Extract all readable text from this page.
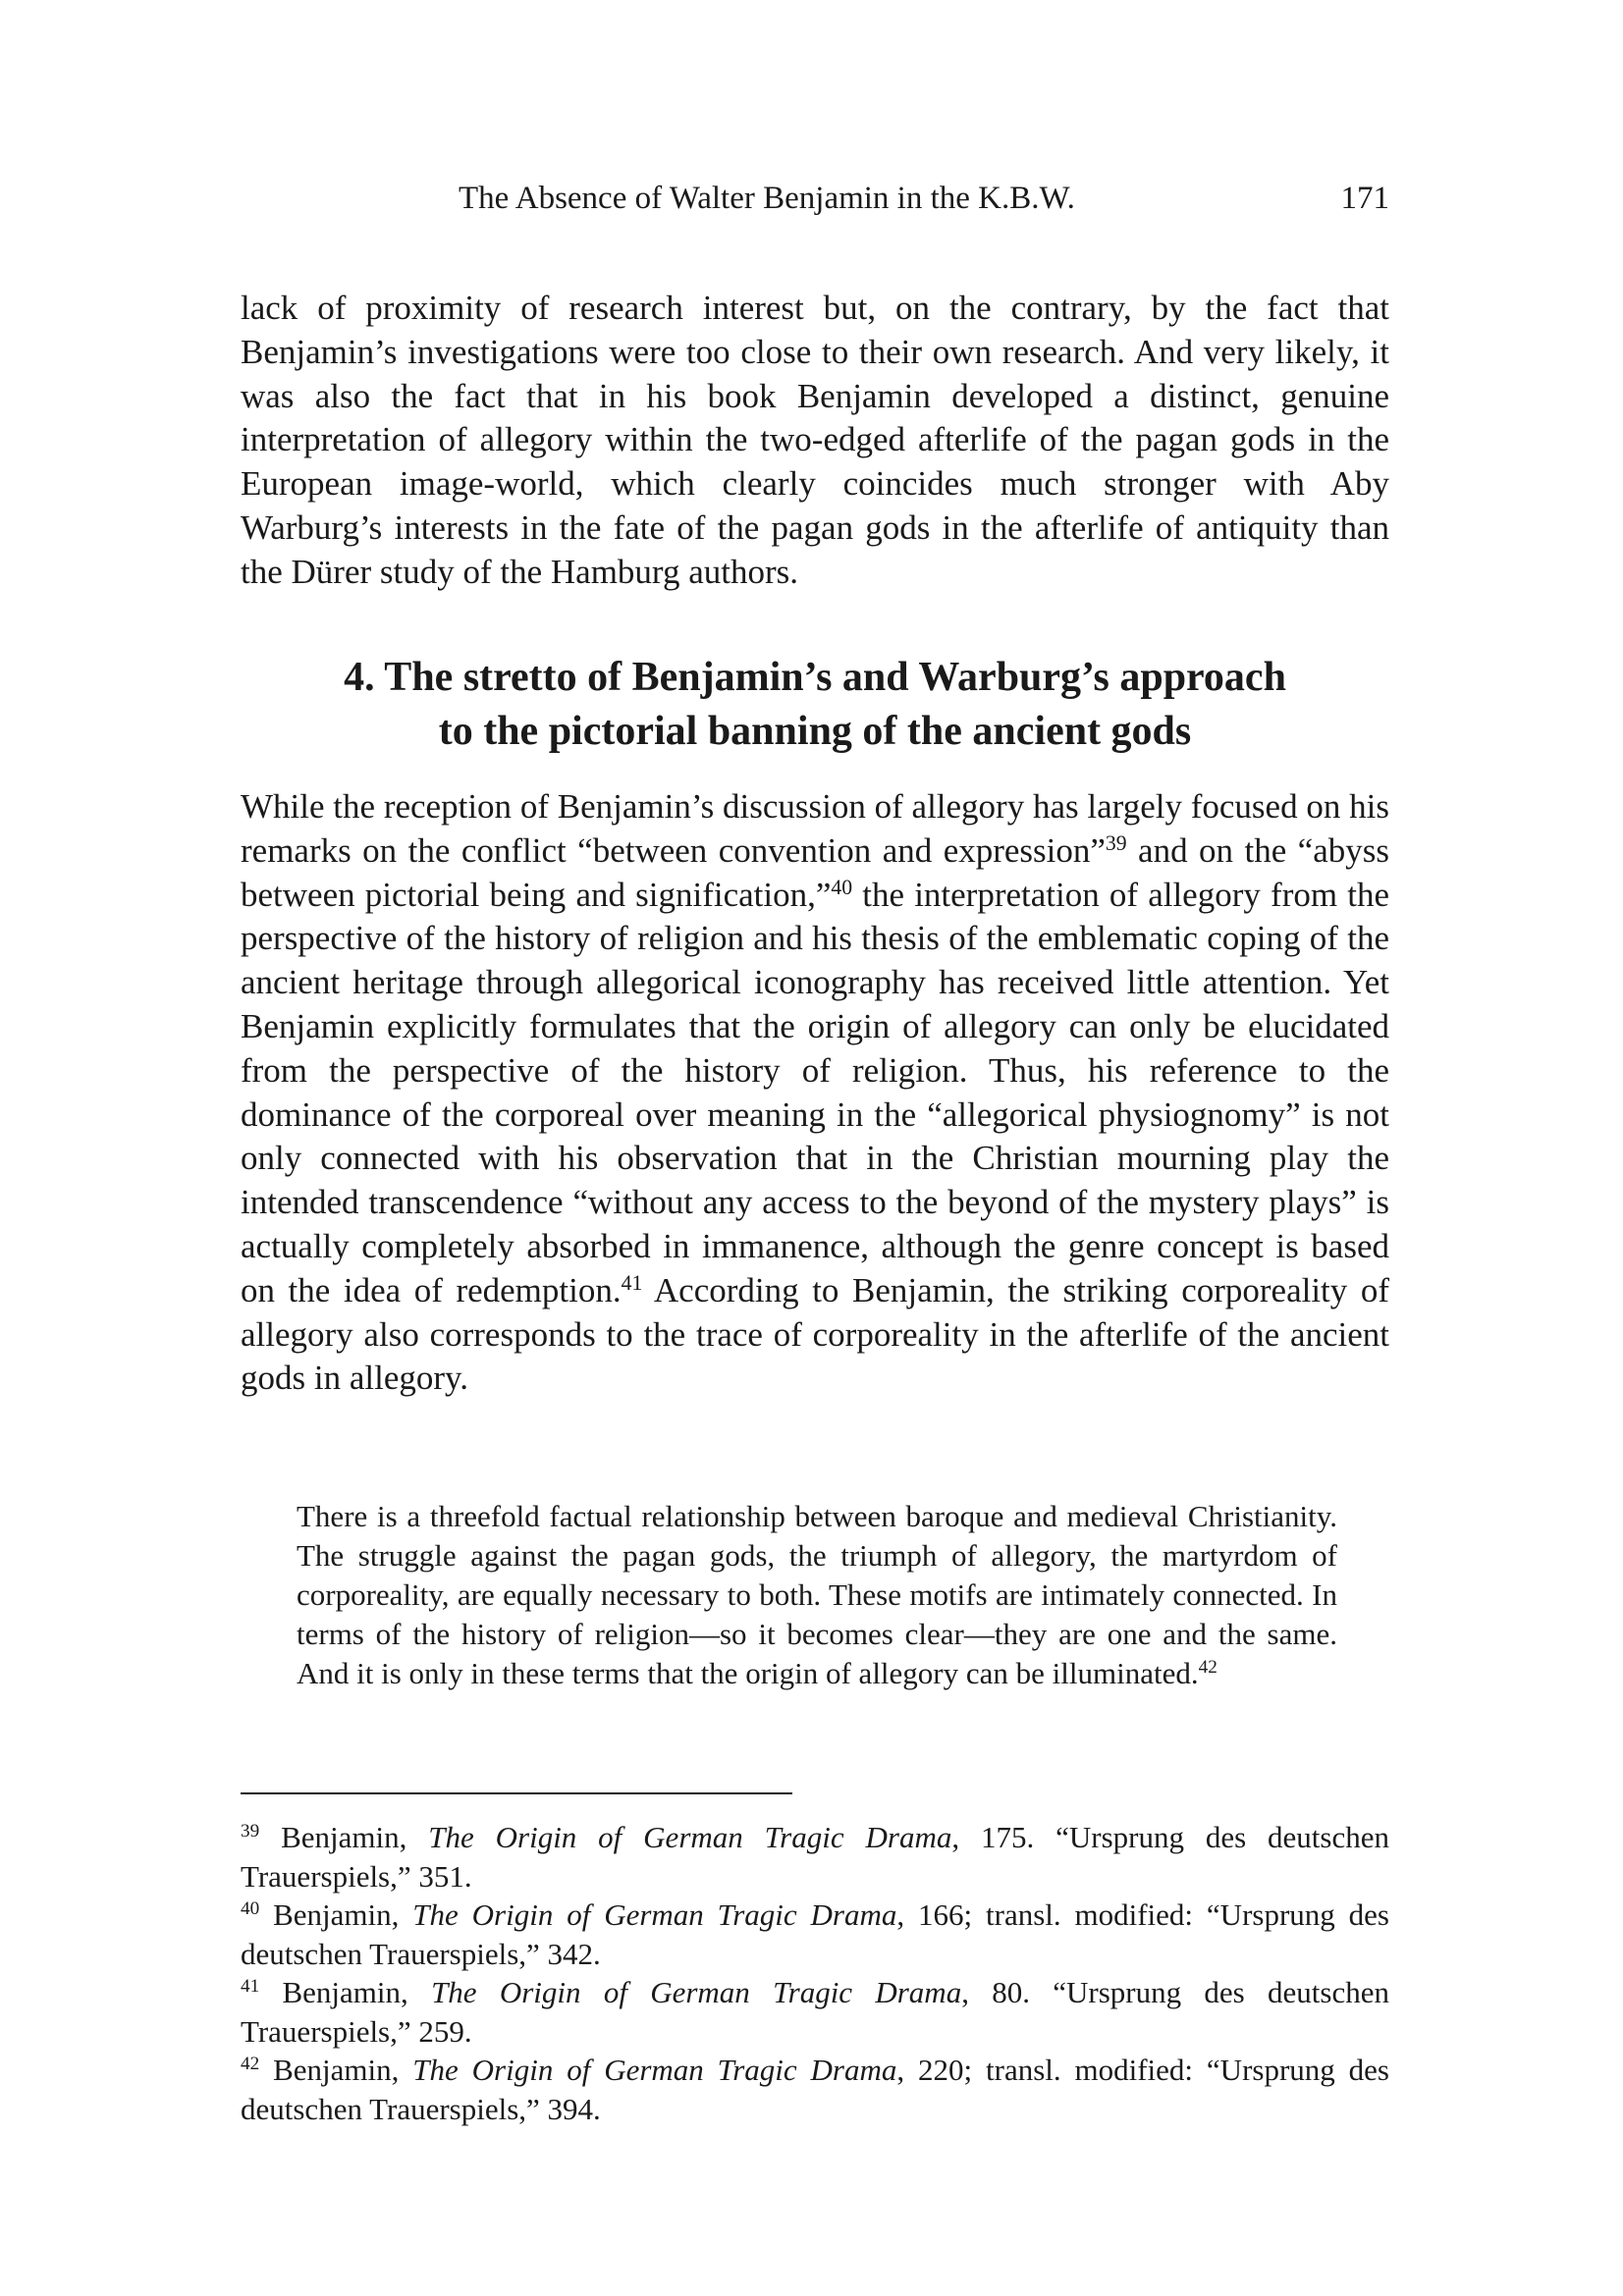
The Absence of Walter Benjamin in the K.B.W.	171

lack of proximity of research interest but, on the contrary, by the fact that Benjamin’s investigations were too close to their own research. And very likely, it was also the fact that in his book Benjamin developed a distinct, genuine interpretation of allegory within the two-edged afterlife of the pagan gods in the European image-world, which clearly coincides much stronger with Aby Warburg’s interests in the fate of the pagan gods in the afterlife of antiquity than the Dürer study of the Hamburg authors.

4. The stretto of Benjamin’s and Warburg’s approach
to the pictorial banning of the ancient gods

While the reception of Benjamin’s discussion of allegory has largely focused on his remarks on the conflict “between convention and expression”$^{39}$ and on the “abyss between pictorial being and signification,”$^{40}$ the interpretation of allegory from the perspective of the history of religion and his thesis of the emblematic coping of the ancient heritage through allegorical iconography has received little attention. Yet Benjamin explicitly formulates that the origin of allegory can only be elucidated from the perspective of the history of religion. Thus, his reference to the dominance of the corporeal over meaning in the “allegorical physiognomy” is not only connected with his observation that in the Christian mourning play the intended transcendence “without any access to the beyond of the mystery plays” is actually completely absorbed in immanence, although the genre concept is based on the idea of redemption.$^{41}$ According to Benjamin, the striking corporeality of allegory also corresponds to the trace of corporeality in the afterlife of the ancient gods in allegory.

There is a threefold factual relationship between baroque and medieval Christianity. The struggle against the pagan gods, the triumph of allegory, the martyrdom of corporeality, are equally necessary to both. These motifs are intimately connected. In terms of the history of religion—so it becomes clear—they are one and the same. And it is only in these terms that the origin of allegory can be illuminated.$^{42}$
$^{39}$ Benjamin, The Origin of German Tragic Drama, 175. “Ursprung des deutschen Trauerspiels,” 351.
$^{40}$ Benjamin, The Origin of German Tragic Drama, 166; transl. modified: “Ursprung des deutschen Trauerspiels,” 342.
$^{41}$ Benjamin, The Origin of German Tragic Drama, 80. “Ursprung des deutschen Trauerspiels,” 259.
$^{42}$ Benjamin, The Origin of German Tragic Drama, 220; transl. modified: “Ursprung des deutschen Trauerspiels,” 394.
